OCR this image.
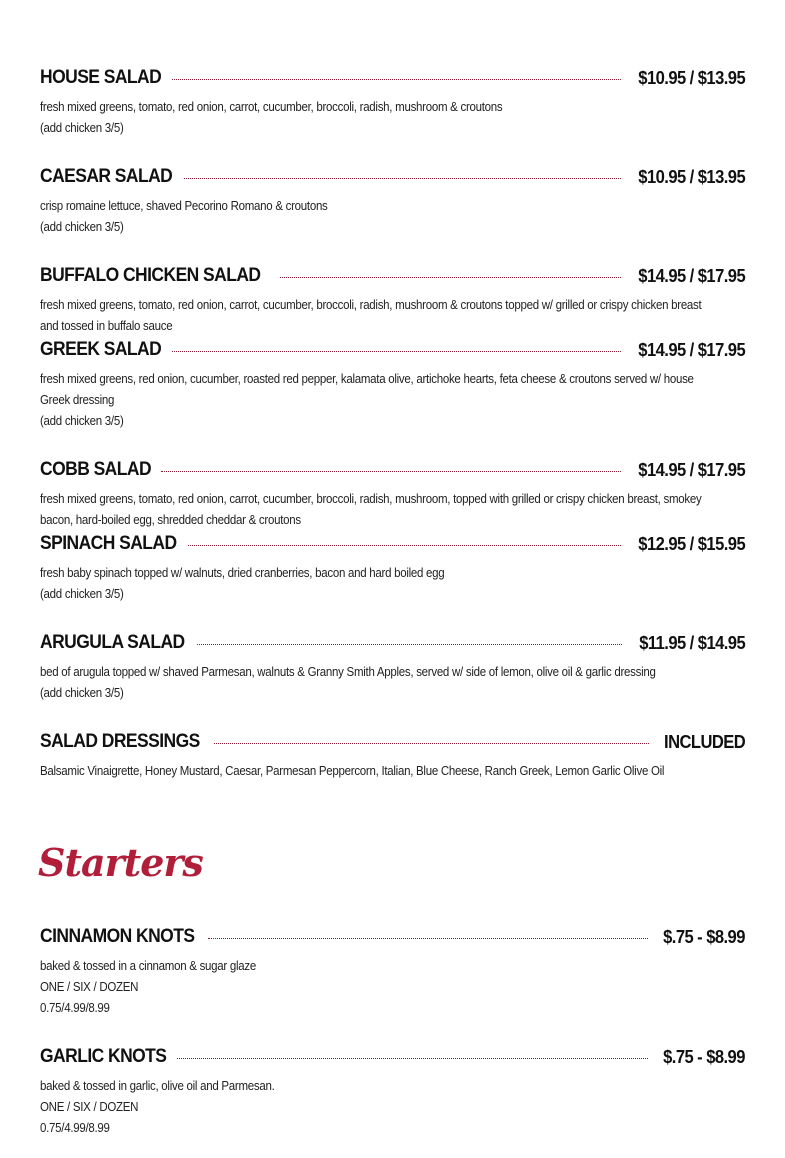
HOUSE SALAD	$10.95 / $13.95
fresh mixed greens, tomato, red onion, carrot, cucumber, broccoli, radish, mushroom & croutons
(add chicken 3/5)
CAESAR SALAD	$10.95 / $13.95
crisp romaine lettuce, shaved Pecorino Romano & croutons
(add chicken 3/5)
BUFFALO CHICKEN SALAD	$14.95 / $17.95
fresh mixed greens, tomato, red onion, carrot, cucumber, broccoli, radish, mushroom & croutons topped w/ grilled or crispy chicken breast
and tossed in buffalo sauce
GREEK SALAD	$14.95 / $17.95
fresh mixed greens, red onion, cucumber, roasted red pepper, kalamata olive, artichoke hearts, feta cheese & croutons served w/ house
Greek dressing
(add chicken 3/5)
COBB SALAD	$14.95 / $17.95
fresh mixed greens, tomato, red onion, carrot, cucumber, broccoli, radish, mushroom, topped with grilled or crispy chicken breast, smokey
bacon, hard-boiled egg, shredded cheddar & croutons
SPINACH SALAD	$12.95 / $15.95
fresh baby spinach topped w/ walnuts, dried cranberries, bacon and hard boiled egg
(add chicken 3/5)
ARUGULA SALAD	$11.95 / $14.95
bed of arugula topped w/ shaved Parmesan, walnuts & Granny Smith Apples, served w/ side of lemon, olive oil & garlic dressing
(add chicken 3/5)
SALAD DRESSINGS	INCLUDED
Balsamic Vinaigrette, Honey Mustard, Caesar, Parmesan Peppercorn, Italian, Blue Cheese, Ranch Greek, Lemon Garlic Olive Oil
Starters
CINNAMON KNOTS	$.75 - $8.99
baked & tossed in a cinnamon & sugar glaze
ONE / SIX / DOZEN
0.75/4.99/8.99
GARLIC KNOTS	$.75 - $8.99
baked & tossed in garlic, olive oil and Parmesan.
ONE / SIX / DOZEN
0.75/4.99/8.99
